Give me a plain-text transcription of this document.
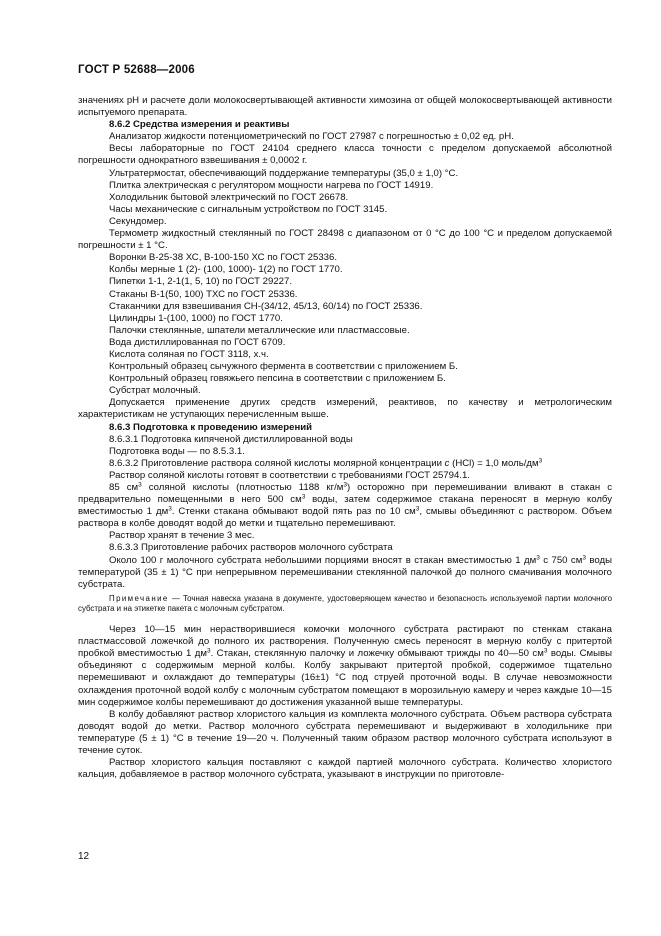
ГОСТ Р 52688—2006

значениях pH и расчете доли молокосвертывающей активности химозина от общей молокосвертывающей активности испытуемого препарата.

8.6.2 Средства измерения и реактивы

Анализатор жидкости потенциометрический по ГОСТ 27987 с погрешностью ± 0,02 ед. pH.

Весы лабораторные по ГОСТ 24104 среднего класса точности с пределом допускаемой абсолютной погрешности однократного взвешивания ± 0,0002 г.

Ультратермостат, обеспечивающий поддержание температуры (35,0 ± 1,0) °С.

Плитка электрическая с регулятором мощности нагрева по ГОСТ 14919.

Холодильник бытовой электрический по ГОСТ 26678.

Часы механические с сигнальным устройством по ГОСТ 3145.

Секундомер.

Термометр жидкостный стеклянный по ГОСТ 28498 с диапазоном от 0 °С до 100 °С и пределом допускаемой погрешности ± 1 °С.

Воронки В-25-38 ХС, В-100-150 ХС по ГОСТ 25336.

Колбы мерные 1 (2)- (100, 1000)- 1(2) по ГОСТ 1770.

Пипетки 1-1, 2-1(1, 5, 10) по ГОСТ 29227.

Стаканы В-1(50, 100) ТХС по ГОСТ 25336.

Стаканчики для взвешивания СН-(34/12, 45/13, 60/14) по ГОСТ 25336.

Цилиндры 1-(100, 1000) по ГОСТ 1770.

Палочки стеклянные, шпатели металлические или пластмассовые.

Вода дистиллированная по ГОСТ 6709.

Кислота соляная по ГОСТ 3118, х.ч.

Контрольный образец сычужного фермента в соответствии с приложением Б.

Контрольный образец говяжьего пепсина в соответствии с приложением Б.

Субстрат молочный.

Допускается применение других средств измерений, реактивов, по качеству и метрологическим характеристикам не уступающих перечисленным выше.

8.6.3 Подготовка к проведению измерений

8.6.3.1 Подготовка кипяченой дистиллированной воды

Подготовка воды — по 8.5.3.1.

8.6.3.2 Приготовление раствора соляной кислоты молярной концентрации c (HCl) = 1,0 моль/$дм^3$

Раствор соляной кислоты готовят в соответствии с требованиями ГОСТ 25794.1.

85 $см^3$ соляной кислоты (плотностью 1188 $кг/м^3$) осторожно при перемешивании вливают в стакан с предварительно помещенными в него 500 $см^3$ воды, затем содержимое стакана переносят в мерную колбу вместимостью 1 $дм^3$. Стенки стакана обмывают водой пять раз по 10 $см^3$, смывы объединяют с раствором. Объем раствора в колбе доводят водой до метки и тщательно перемешивают.

Раствор хранят в течение 3 мес.

8.6.3.3 Приготовление рабочих растворов молочного субстрата

Около 100 г молочного субстрата небольшими порциями вносят в стакан вместимостью 1 $дм^3$ с 750 $см^3$ воды температурой (35 ± 1) °С при непрерывном перемешивании стеклянной палочкой до полного смачивания молочного субстрата.

Примечание — Точная навеска указана в документе, удостоверяющем качество и безопасность используемой партии молочного субстрата и на этикетке пакета с молочным субстратом.

Через 10—15 мин нерастворившиеся комочки молочного субстрата растирают по стенкам стакана пластмассовой ложечкой до полного их растворения. Полученную смесь переносят в мерную колбу с притертой пробкой вместимостью 1 $дм^3$. Стакан, стеклянную палочку и ложечку обмывают трижды по 40—50 $см^3$ воды. Смывы объединяют с содержимым мерной колбы. Колбу закрывают притертой пробкой, содержимое тщательно перемешивают и охлаждают до температуры (16±1) °С под струей проточной воды. В случае невозможности охлаждения проточной водой колбу с молочным субстратом помещают в морозильную камеру и через каждые 10—15 мин содержимое колбы перемешивают до достижения указанной выше температуры.

В колбу добавляют раствор хлористого кальция из комплекта молочного субстрата. Объем раствора субстрата доводят водой до метки. Раствор молочного субстрата перемешивают и выдерживают в холодильнике при температуре (5 ± 1) °С в течение 19—20 ч. Полученный таким образом раствор молочного субстрата используют в течение суток.

Раствор хлористого кальция поставляют с каждой партией молочного субстрата. Количество хлористого кальция, добавляемое в раствор молочного субстрата, указывают в инструкции по приготовле-

12
